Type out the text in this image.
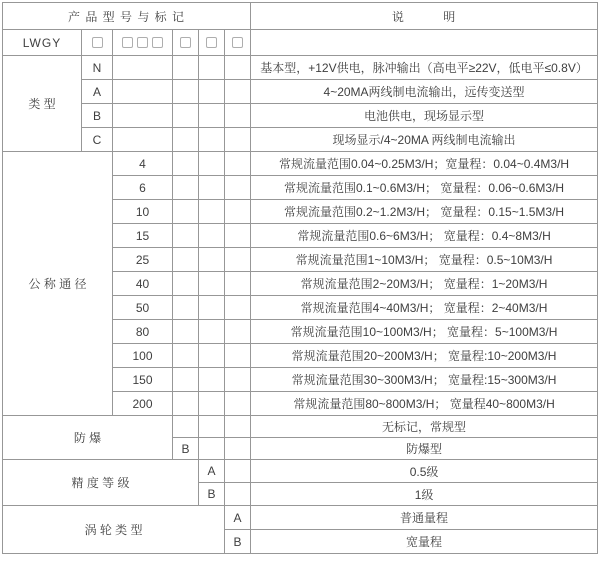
产 品 型 号 与 标 记						说 明
LWGY						
类 型	N					基本型，+12V供电，脉冲输出（高电平≥22V，低电平≤0.8V）
	A					4~20MA两线制电流输出，远传变送型
	B					电池供电，现场显示型
	C					现场显示/4~20MA 两线制电流输出
公 称 通 径		4				常规流量范围0.04~0.25M3/H；宽量程：0.04~0.4M3/H
		6				常规流量范围0.1~0.6M3/H； 宽量程：0.06~0.6M3/H
		10				常规流量范围0.2~1.2M3/H； 宽量程：0.15~1.5M3/H
		15				常规流量范围0.6~6M3/H； 宽量程：0.4~8M3/H
		25				常规流量范围1~10M3/H； 宽量程：0.5~10M3/H
		40				常规流量范围2~20M3/H； 宽量程：1~20M3/H
		50				常规流量范围4~40M3/H； 宽量程：2~40M3/H
		80				常规流量范围10~100M3/H； 宽量程：5~100M3/H
		100				常规流量范围20~200M3/H； 宽量程:10~200M3/H
		150				常规流量范围30~300M3/H； 宽量程:15~300M3/H
		200				常规流量范围80~800M3/H； 宽量程40~800M3/H
防 爆						无标记，常规型
			B			防爆型
精 度 等 级				A		0.5级
				B		1级
涡 轮 类 型					A	普通量程
					B	宽量程
